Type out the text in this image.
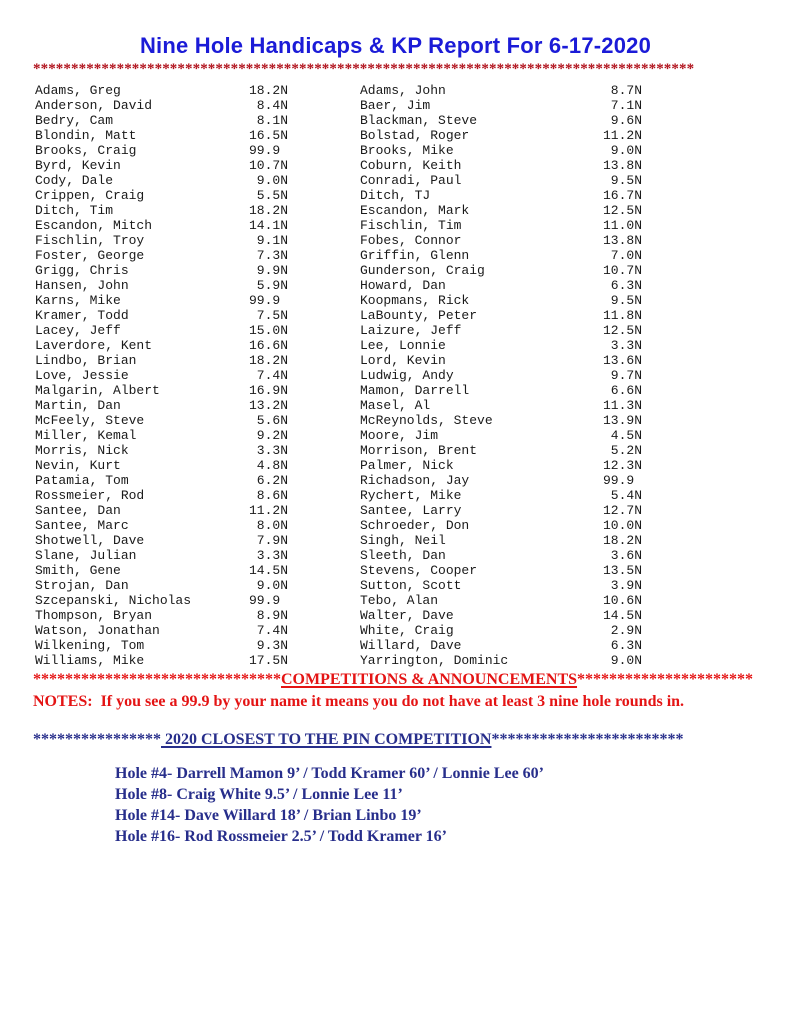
Nine Hole Handicaps & KP Report For 6-17-2020
***************************************************************************************
Adams, Greg	18.2N
Anderson, David	8.4N
Bedry, Cam	8.1N
Blondin, Matt	16.5N
Brooks, Craig	99.9
Byrd, Kevin	10.7N
Cody, Dale	9.0N
Crippen, Craig	5.5N
Ditch, Tim	18.2N
Escandon, Mitch	14.1N
Fischlin, Troy	9.1N
Foster, George	7.3N
Grigg, Chris	9.9N
Hansen, John	5.9N
Karns, Mike	99.9
Kramer, Todd	7.5N
Lacey, Jeff	15.0N
Laverdore, Kent	16.6N
Lindbo, Brian	18.2N
Love, Jessie	7.4N
Malgarin, Albert	16.9N
Martin, Dan	13.2N
McFeely, Steve	5.6N
Miller, Kemal	9.2N
Morris, Nick	3.3N
Nevin, Kurt	4.8N
Patamia, Tom	6.2N
Rossmeier, Rod	8.6N
Santee, Dan	11.2N
Santee, Marc	8.0N
Shotwell, Dave	7.9N
Slane, Julian	3.3N
Smith, Gene	14.5N
Strojan, Dan	9.0N
Szcepanski, Nicholas	99.9
Thompson, Bryan	8.9N
Watson, Jonathan	7.4N
Wilkening, Tom	9.3N
Williams, Mike	17.5N
Adams, John	8.7N
Baer, Jim	7.1N
Blackman, Steve	9.6N
Bolstad, Roger	11.2N
Brooks, Mike	9.0N
Coburn, Keith	13.8N
Conradi, Paul	9.5N
Ditch, TJ	16.7N
Escandon, Mark	12.5N
Fischlin, Tim	11.0N
Fobes, Connor	13.8N
Griffin, Glenn	7.0N
Gunderson, Craig	10.7N
Howard, Dan	6.3N
Koopmans, Rick	9.5N
LaBounty, Peter	11.8N
Laizure, Jeff	12.5N
Lee, Lonnie	3.3N
Lord, Kevin	13.6N
Ludwig, Andy	9.7N
Mamon, Darrell	6.6N
Masel, Al	11.3N
McReynolds, Steve	13.9N
Moore, Jim	4.5N
Morrison, Brent	5.2N
Palmer, Nick	12.3N
Richadson, Jay	99.9
Rychert, Mike	5.4N
Santee, Larry	12.7N
Schroeder, Don	10.0N
Singh, Neil	18.2N
Sleeth, Dan	3.6N
Stevens, Cooper	13.5N
Sutton, Scott	3.9N
Tebo, Alan	10.6N
Walter, Dave	14.5N
White, Craig	2.9N
Willard, Dave	6.3N
Yarrington, Dominic	9.0N
*******************************COMPETITIONS & ANNOUNCEMENTS**********************
NOTES:  If you see a 99.9 by your name it means you do not have at least 3 nine hole rounds in.
**************** 2020 CLOSEST TO THE PIN COMPETITION************************
Hole #4- Darrell Mamon 9’ / Todd Kramer 60’ / Lonnie Lee 60’
Hole #8- Craig White 9.5’ / Lonnie Lee 11’
Hole #14- Dave Willard 18’ / Brian Linbo 19’
Hole #16- Rod Rossmeier 2.5’ / Todd Kramer 16’
